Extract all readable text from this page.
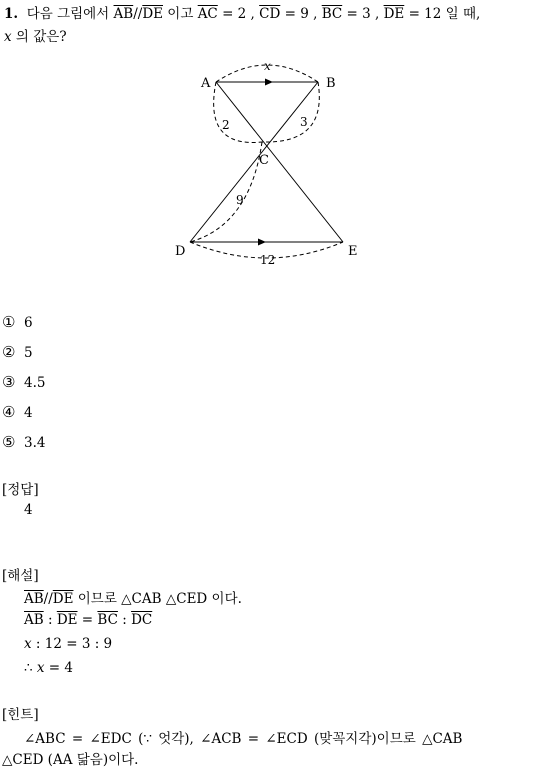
1. 다음 그림에서 $\overline{AB}//\overline{DE}$ 이고 $\overline{AC} = 2$ , $\overline{CD} = 9$ , $\overline{BC} = 3$ , $\overline{DE} = 12$ 일 때,
x 의 값은?
A	B
C
D	E
x
2	3
9
12
① 6
② 5
③ 4.5
④ 4
⑤ 3.4
[정답]
4
[해설]
$\overline{AB}//\overline{DE}$ 이므로 △CAB △CED 이다.
$\overline{AB}$ : $\overline{DE} = \overline{BC}$ : $\overline{DC}$
x : 12 = 3 : 9
∴ x = 4
[힌트]
∠ABC = ∠EDC (∵ 엇각), ∠ACB = ∠ECD (맞꼭지각)이므로 △CAB
△CED (AA 닮음)이다.
